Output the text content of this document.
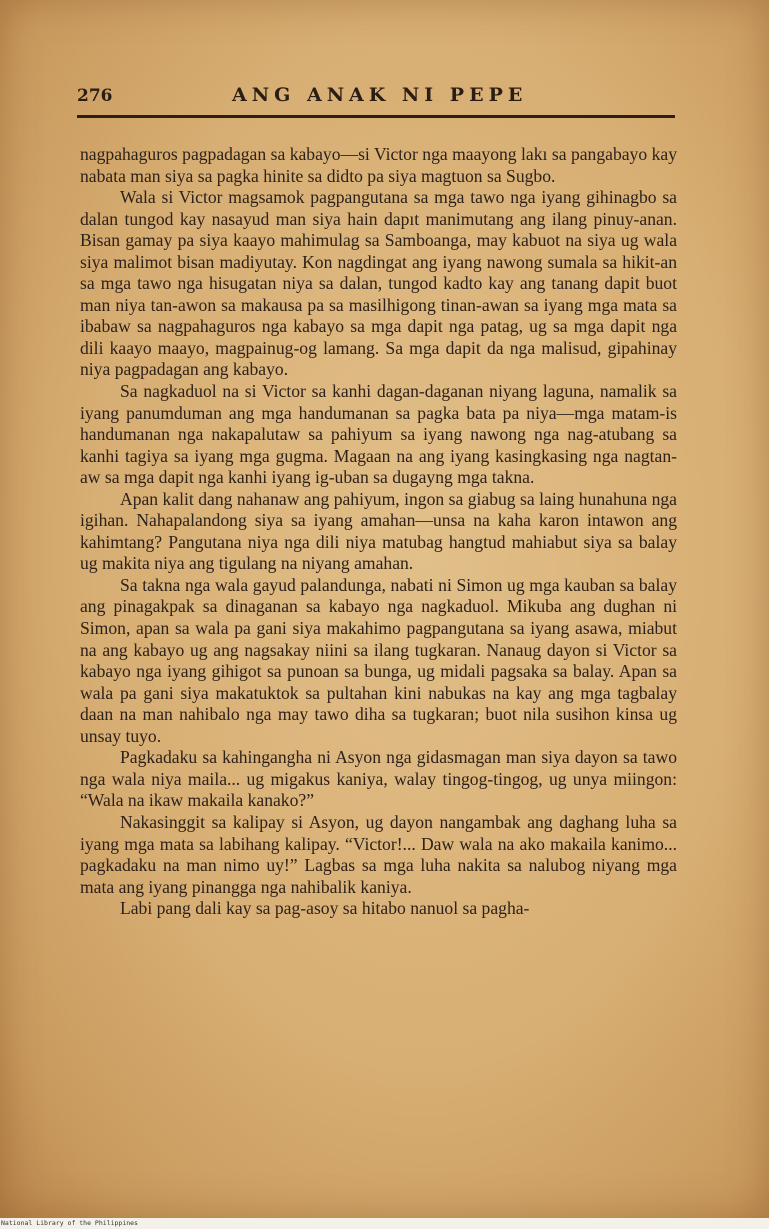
276	ANG ANAK NI PEPE

nagpahaguros pagpadagan sa kabayo—si Victor nga maayong lakı sa pangabayo kay nabata man siya sa pagka hinite sa didto pa siya magtuon sa Sugbo.

Wala si Victor magsamok pagpangutana sa mga tawo nga iyang gihinagbo sa dalan tungod kay nasayud man siya hain dapıt manimutang ang ilang pinuy-anan. Bisan gamay pa siya kaayo mahimulag sa Samboanga, may kabuot na siya ug wala siya malimot bisan madiyutay. Kon nagdingat ang iyang nawong sumala sa hikit-an sa mga tawo nga hisugatan niya sa dalan, tungod kadto kay ang tanang dapit buot man niya tan-awon sa makausa pa sa masilhigong tinan-awan sa iyang mga mata sa ibabaw sa nagpahaguros nga kabayo sa mga dapit nga patag, ug sa mga dapit nga dili kaayo maayo, magpainug-og lamang. Sa mga dapit da nga malisud, gipahinay niya pagpadagan ang kabayo.

Sa nagkaduol na si Victor sa kanhi dagan-daganan niyang laguna, namalik sa iyang panumduman ang mga handumanan sa pagka bata pa niya—mga matam-is handumanan nga nakapalutaw sa pahiyum sa iyang nawong nga nag-atubang sa kanhi tagiya sa iyang mga gugma. Magaan na ang iyang kasingkasing nga nagtan-aw sa mga dapit nga kanhi iyang ig-uban sa dugayng mga takna.

Apan kalit dang nahanaw ang pahiyum, ingon sa giabug sa laing hunahuna nga igihan. Nahapalandong siya sa iyang amahan—unsa na kaha karon intawon ang kahimtang? Pangutana niya nga dili niya matubag hangtud mahiabut siya sa balay ug makita niya ang tigulang na niyang amahan.

Sa takna nga wala gayud palandunga, nabati ni Simon ug mga kauban sa balay ang pinagakpak sa dinaganan sa kabayo nga nagkaduol. Mikuba ang dughan ni Simon, apan sa wala pa gani siya makahimo pagpangutana sa iyang asawa, miabut na ang kabayo ug ang nagsakay niini sa ilang tugkaran. Nanaug dayon si Victor sa kabayo nga iyang gihigot sa punoan sa bunga, ug midali pagsaka sa balay. Apan sa wala pa gani siya makatuktok sa pultahan kini nabukas na kay ang mga tagbalay daan na man nahibalo nga may tawo diha sa tugkaran; buot nila susihon kinsa ug unsay tuyo.

Pagkadaku sa kahingangha ni Asyon nga gidasmagan man siya dayon sa tawo nga wala niya maila... ug migakus kaniya, walay tingog-tingog, ug unya miingon: “Wala na ikaw makaila kanako?”

Nakasinggit sa kalipay si Asyon, ug dayon nangambak ang daghang luha sa iyang mga mata sa labihang kalipay. “Victor!... Daw wala na ako makaila kanimo... pagkadaku na man nimo uy!” Lagbas sa mga luha nakita sa nalubog niyang mga mata ang iyang pinangga nga nahibalik kaniya.

Labi pang dali kay sa pag-asoy sa hitabo nanuol sa pagha-

National Library of the Philippines
